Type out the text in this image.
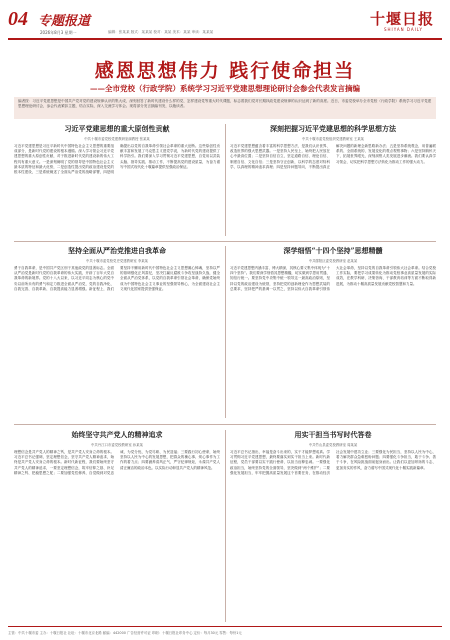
04 专题报道
2026年8月3 星期一	编辑：张某某 版式：某某某 校对：某某 美术：某某 审读：某某某
十堰日报
SHIYAN DAILY
感恩思想伟力 践行使命担当
——全市党校（行政学院）系统学习习近平党建思想理论研讨会参会代表发言摘编
编者按：习近平党建思想是中国共产党对党的建设规律认识的集大成，深刻回答了新时代建设什么样的党、怎样建设党等重大时代课题，标志着我们党对长期执政党建设规律的认识达到了新的高度。近日，市委党校举办全市党校（行政学院）系统学习习近平党建思想理论研讨会，参会代表紧扣主题，结合实际，深入交流学习体会。现将部分发言摘编刊发，以飨读者。
习近平党建思想的重大原创性贡献
中共十堰市委党校党建教研室副教授 张某某
习近平党建思想是习近平新时代中国特色社会主义思想的重要组成部分，是新时代党的建设的根本遵循。深入学习领会习近平党建思想的重大原创性贡献，对于推进新时代党的建设新的伟大工程具有重大意义。一是深刻阐明了党的领导是中国特色社会主义最本质的特征和最大优势，二是创造性提出党的政治建设是党的根本性建设，三是系统阐述了全面从严治党的战略部署，四是明确提出以党的自我革命引领社会革命的重大论断。这些原创性贡献丰富和发展了马克思主义建党学说，为新时代党的建设提供了科学指引。我们要深入学习贯彻习近平党建思想，自觉用以武装头脑、指导实践、推动工作，不断提高党的建设质量，为奋力谱写中国式现代化十堰篇章提供坚强政治保证。
深刻把握习近平党建思想的科学思想方法
中共十堰市委党校组织党建教研室 王某某
习近平党建思想蕴含着丰富的科学思想方法，是我们认识世界、改造世界的强大思想武器。一是坚持人民至上，始终把人民放在心中最高位置；二是坚持自信自立，坚定道路自信、理论自信、制度自信、文化自信；三是坚持守正创新，以科学的态度对待科学、以真理的精神追求真理；四是坚持问题导向，不断提出真正解决问题的新理念新思路新办法；五是坚持系统观念，用普遍联系的、全面系统的、发展变化的观点观察事物；六是坚持胸怀天下，拓展世界眼光，深刻洞察人类发展进步潮流。我们要认真学习领会，切实把科学思想方法转化为推动工作的强大动力。
坚持全面从严治党推进自我革命
中共十堰市委党校党史党建教研室 李某某
勇于自我革命，是中国共产党区别于其他政党的显著标志。全面从严治党是新时代党的自我革命的伟大实践，开辟了百年大党自我革命的新境界。党的十八大以来，以习近平同志为核心的党中央以前所未有的勇气和定力推进全面从严治党，党的自我净化、自我完善、自我革新、自我提高能力显著增强。新征程上，我们要坚持不懈用新时代中国特色社会主义思想凝心铸魂，坚持以严的基调强化正风肃纪，坚决打赢反腐败斗争攻坚战持久战，健全全面从严治党体系，以党的自我革命引领社会革命，确保党始终成为中国特色社会主义事业的坚强领导核心，为全面建设社会主义现代化国家提供坚强保证。
深学细悟“十四个坚持”思想精髓
中共郧阳区委党校教研室 赵某某
习近平党建思想内涵丰富、博大精深，其核心要义集中体现为“十四个坚持”。我们要深学细悟其思想精髓，切实做到学思用贯通、知信行统一。要坚持党中央集中统一领导这一最高政治原则，坚持以党的政治建设为统领，坚持把党的创新理论作为思想武装的总要求，坚持把严的基调一以贯之，坚持以伟大自我革命引领伟大社会革命，坚持以党的自我革命引领伟大社会革命。结合党校工作实际，要把学习成果转化为推动党校事业高质量发展的实际成效，在教学科研、决策咨询、干部教育培训等方面不断取得新进展，为推动十堰高质量发展贡献党校智慧和力量。
始终坚守共产党人的精神追求
中共丹江口市委党校教研室 孙某某
理想信念是共产党人的精神之钙，是共产党人安身立命的根本。习近平总书记强调，坚定理想信念，坚守共产党人精神追求，始终是共产党人安身立命的根本。新时代新征程，我们要始终坚守共产党人的精神追求，一要坚定理想信念，筑牢信仰之基、补足精神之钙、把稳思想之舵；二要加强党性修养，自觉做到对党忠诚、为党分忧、为党尽职、为民造福；三要践行初心使命，始终坚持以人民为中心的发展思想，把群众的操心事、烦心事作为工作的着力点；四要涵养清风正气，严守纪律规矩，永葆共产党人清正廉洁的政治本色。以实际行动彰显共产党人的精神风范。
用实干担当书写时代答卷
中共竹山县委党校教研室 周某某
习近平总书记指出，幸福是奋斗出来的，实干才能梦想成真。学习贯彻习近平党建思想，最终要落实到实干担当上来。新时代新征程，党员干部要以实干践行使命、以担当诠释忠诚。一要强化政治担当，始终坚持党的全面领导，坚决做到“两个维护”；二要强化发展担当，牢牢把握高质量发展这个首要任务，在推动经济社会发展中建功立业；三要强化为民担当，坚持以人民为中心，着力解决群众急难愁盼问题；四要强化斗争担当，敢于斗争、善于斗争，在风险挑战面前挺身而出。让我们以更加昂扬的斗志、更加务实的作风，奋力谱写中国式现代化十堰实践新篇章。
主管：中共十堰市委 主办：十堰日报社 社址：十堰市北京北路 邮编：442000 广告经营许可证 印刷：十堰日报社印务中心 定价：每月30元 零售：每份1元
